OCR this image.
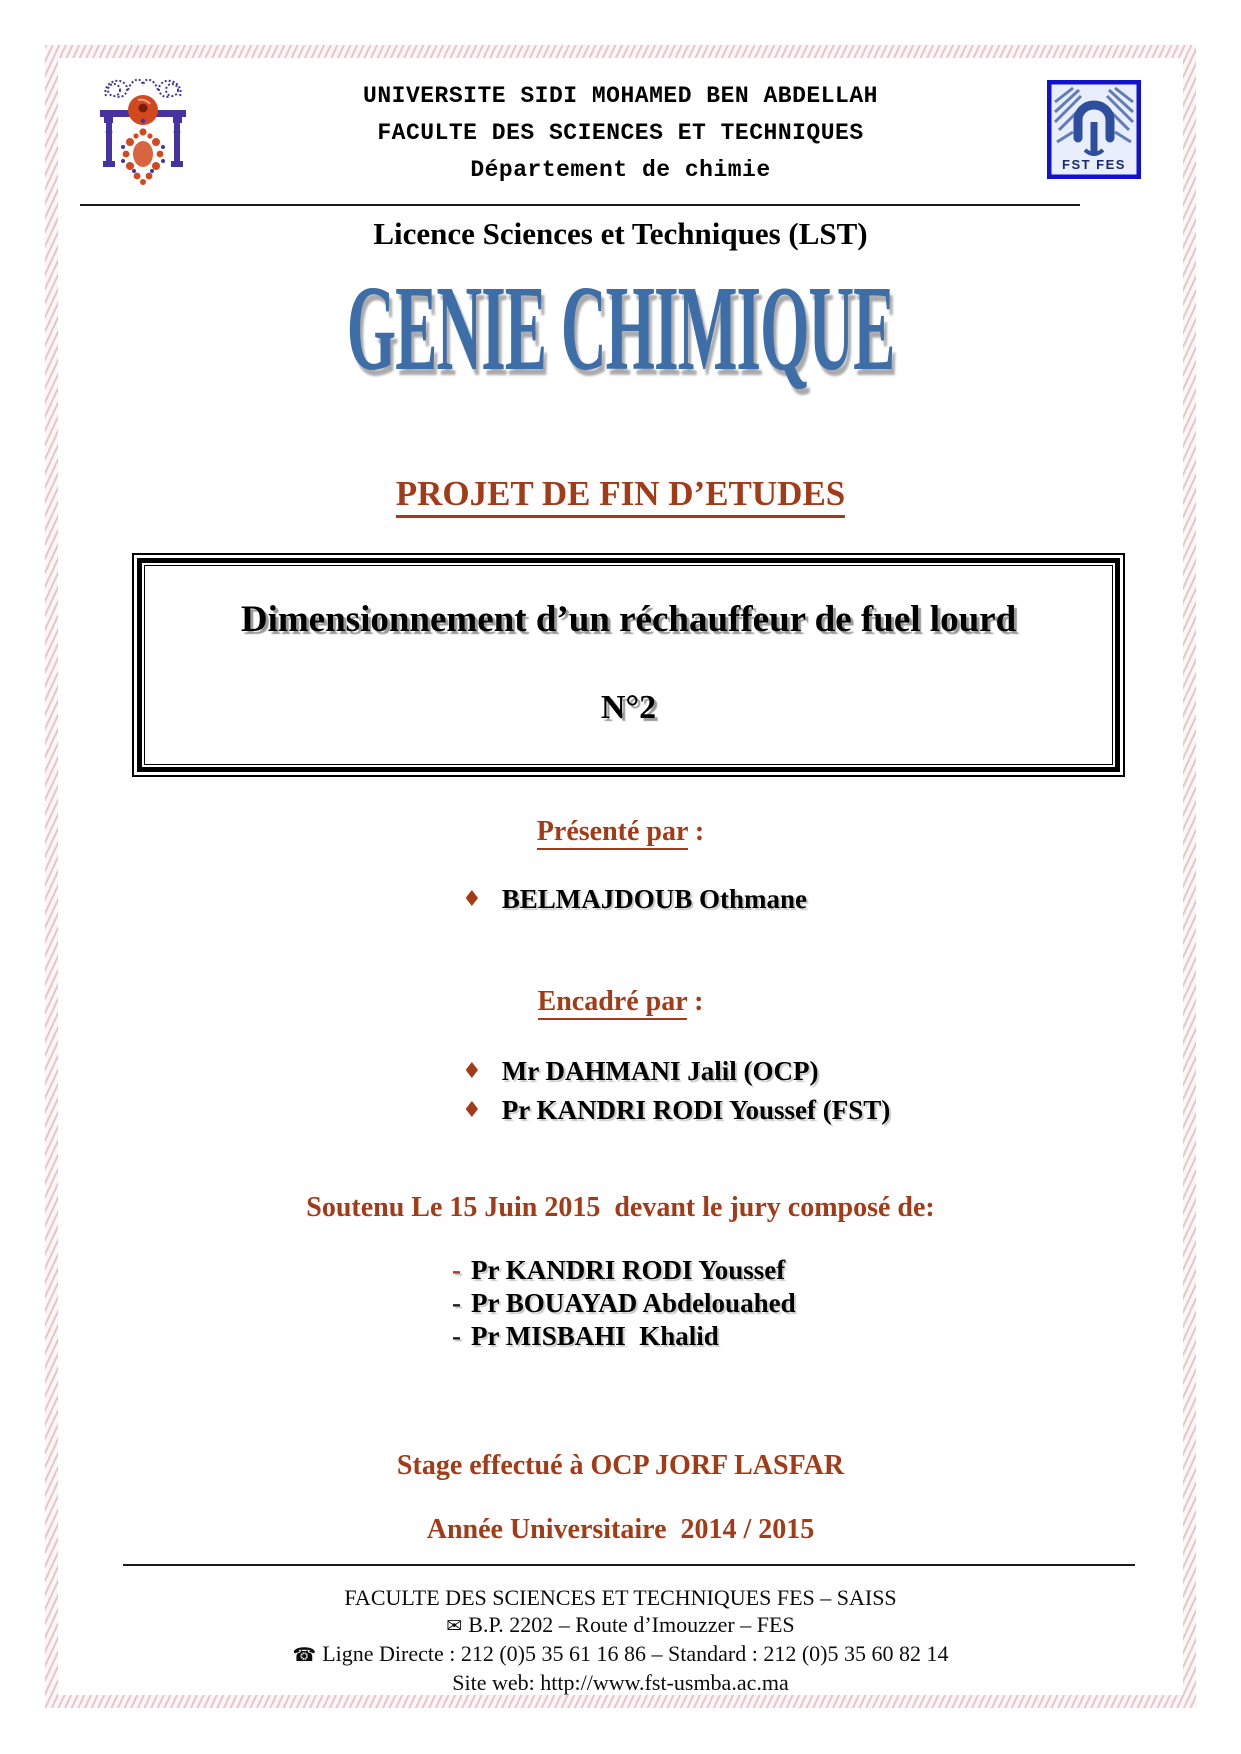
UNIVERSITE SIDI MOHAMED BEN ABDELLAH
FACULTE DES SCIENCES ET TECHNIQUES
Département de chimie	FST FES
Licence Sciences et Techniques (LST)
GENIE CHIMIQUE
PROJET DE FIN D’ETUDES
Dimensionnement d’un réchauffeur de fuel lourd
N°2
Présenté par :
♦ BELMAJDOUB Othmane
Encadré par :
♦ Mr DAHMANI Jalil (OCP)
♦ Pr KANDRI RODI Youssef (FST)
Soutenu Le 15 Juin 2015  devant le jury composé de:
- Pr KANDRI RODI Youssef
- Pr BOUAYAD Abdelouahed
- Pr MISBAHI  Khalid
Stage effectué à OCP JORF LASFAR
Année Universitaire  2014 / 2015
FACULTE DES SCIENCES ET TECHNIQUES FES – SAISS
✉ B.P. 2202 – Route d’Imouzzer – FES
☎ Ligne Directe : 212 (0)5 35 61 16 86 – Standard : 212 (0)5 35 60 82 14
Site web: http://www.fst-usmba.ac.ma
